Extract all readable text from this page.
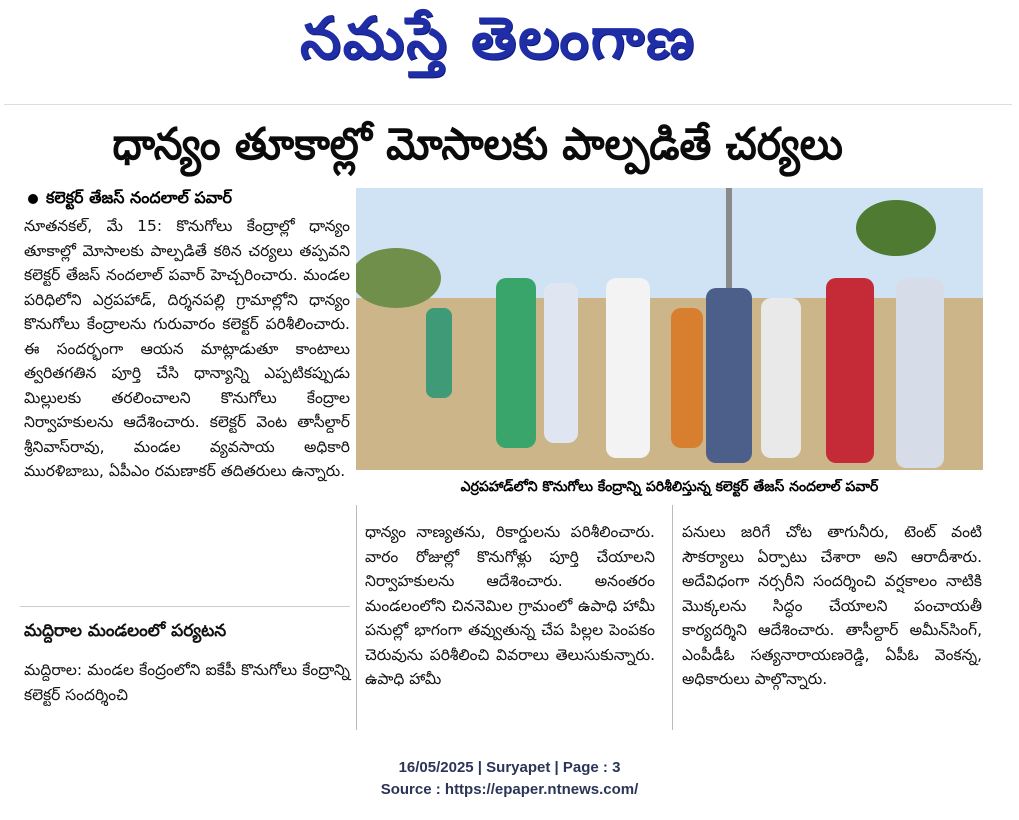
నమస్తే తెలంగాణ
ధాన్యం తూకాల్లో మోసాలకు పాల్పడితే చర్యలు
కలెక్టర్ తేజస్ నందలాల్ పవార్

నూతనకల్, మే 15: కొనుగోలు కేంద్రాల్లో ధాన్యం తూకాల్లో మోసాలకు పాల్పడితే కఠిన చర్యలు తప్పవని కలెక్టర్ తేజస్ నందలాల్ పవార్ హెచ్చరించారు. మండల పరిధిలోని ఎర్రపహాడ్, దిర్శనపల్లి గ్రామాల్లోని ధాన్యం కొనుగోలు కేంద్రాలను గురువారం కలెక్టర్ పరిశీలించారు. ఈ సందర్భంగా ఆయన మాట్లాడుతూ కాంటాలు త్వరితగతిన పూర్తి చేసి ధాన్యాన్ని ఎప్పటికప్పుడు మిల్లులకు తరలించాలని కొనుగోలు కేంద్రాల నిర్వాహకులను ఆదేశించారు. కలెక్టర్ వెంట తాసీల్దార్ శ్రీనివాస్‌రావు, మండల వ్యవసాయ అధికారి మురళిబాబు, ఏపీఎం రమణాకర్ తదితరులు ఉన్నారు.

మద్దిరాల మండలంలో పర్యటన

మద్దిరాల: మండల కేంద్రంలోని ఐకేపీ కొనుగోలు కేంద్రాన్ని కలెక్టర్ సందర్శించి

ఎర్రపహాడ్‌లోని కొనుగోలు కేంద్రాన్ని పరిశీలిస్తున్న కలెక్టర్ తేజస్ నందలాల్ పవార్

ధాన్యం నాణ్యతను, రికార్డులను పరిశీలించారు. వారం రోజుల్లో కొనుగోళ్లు పూర్తి చేయాలని నిర్వాహకులను ఆదేశించారు. అనంతరం మండలంలోని చిననెమిల గ్రామంలో ఉపాధి హామీ పనుల్లో భాగంగా తవ్వుతున్న చేప పిల్లల పెంపకం చెరువును పరిశీలించి వివరాలు తెలుసుకున్నారు. ఉపాధి హామీ

పనులు జరిగే చోట తాగునీరు, టెంట్ వంటి సౌకర్యాలు ఏర్పాటు చేశారా అని ఆరాదీశారు. అదేవిధంగా నర్సరీని సందర్శించి వర్షకాలం నాటికి మొక్కలను సిద్ధం చేయాలని పంచాయతీ కార్యదర్శిని ఆదేశించారు. తాసీల్దార్ అమీన్‌సింగ్, ఎంపీడీఓ సత్యనారాయణరెడ్డి, ఏపీఓ వెంకన్న, అధికారులు పాల్గొన్నారు.

16/05/2025 | Suryapet | Page : 3
Source : https://epaper.ntnews.com/
